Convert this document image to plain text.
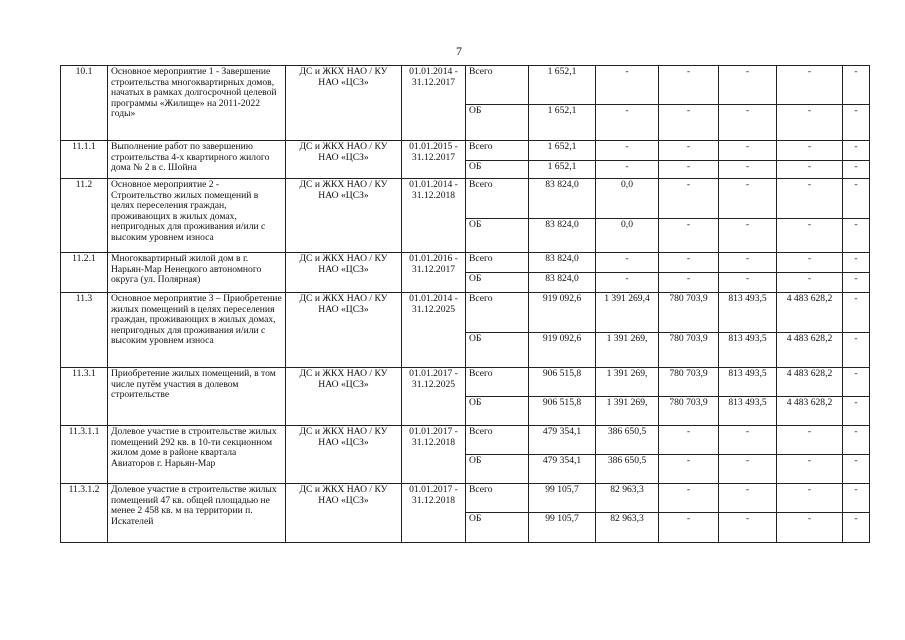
7
10.1	Основное мероприятие 1 - Завершение строительства многоквартирных домов, начатых в рамках долгосрочной целевой программы «Жилище» на 2011-2022 годы»	ДС и ЖКХ НАО / КУ НАО «ЦСЗ»	01.01.2014 - 31.12.2017	Всего	1 652,1	-	-	-	-	-
				ОБ	1 652,1	-	-	-	-	-

11.1.1	Выполнение работ по завершению строительства 4-х квартирного жилого дома № 2 в с. Шойна	ДС и ЖКХ НАО / КУ НАО «ЦСЗ»	01.01.2015 - 31.12.2017	Всего	1 652,1	-	-	-	-	-
				ОБ	1 652,1	-	-	-	-	-

11.2	Основное мероприятие 2 - Строительство жилых помещений в целях переселения граждан, проживающих в жилых домах, непригодных для проживания и/или с высоким уровнем износа	ДС и ЖКХ НАО / КУ НАО «ЦСЗ»	01.01.2014 - 31.12.2018	Всего	83 824,0	0,0	-	-	-	-
				ОБ	83 824,0	0,0	-	-	-	-

11.2.1	Многоквартирный жилой дом в г. Нарьян-Мар Ненецкого автономного округа (ул. Полярная)	ДС и ЖКХ НАО / КУ НАО «ЦСЗ»	01.01.2016 - 31.12.2017	Всего	83 824,0	-	-	-	-	-
				ОБ	83 824,0	-	-	-	-	-

11.3	Основное мероприятие 3 – Приобретение жилых помещений в целях переселения граждан, проживающих в жилых домах, непригодных для проживания и/или с высоким уровнем износа	ДС и ЖКХ НАО / КУ НАО «ЦСЗ»	01.01.2014 - 31.12.2025	Всего	919 092,6	1 391 269,4	780 703,9	813 493,5	4 483 628,2	-
				ОБ	919 092,6	1 391 269,	780 703,9	813 493,5	4 483 628,2	-

11.3.1	Приобретение жилых помещений, в том числе путём участия в долевом строительстве	ДС и ЖКХ НАО / КУ НАО «ЦСЗ»	01.01.2017 - 31.12.2025	Всего	906 515,8	1 391 269,	780 703,9	813 493,5	4 483 628,2	-
				ОБ	906 515,8	1 391 269,	780 703,9	813 493,5	4 483 628,2	-

11.3.1.1	Долевое участие в строительстве жилых помещений 292 кв. в 10-ти секционном жилом доме в районе квартала Авиаторов г. Нарьян-Мар	ДС и ЖКХ НАО / КУ НАО «ЦСЗ»	01.01.2017 - 31.12.2018	Всего	479 354,1	386 650,5	-	-	-	-
				ОБ	479 354,1	386 650,5	-	-	-	-

11.3.1.2	Долевое участие в строительстве жилых помещений 47 кв. общей площадью не менее 2 458 кв. м на территории п. Искателей	ДС и ЖКХ НАО / КУ НАО «ЦСЗ»	01.01.2017 - 31.12.2018	Всего	99 105,7	82 963,3	-	-	-	-
				ОБ	99 105,7	82 963,3	-	-	-	-
